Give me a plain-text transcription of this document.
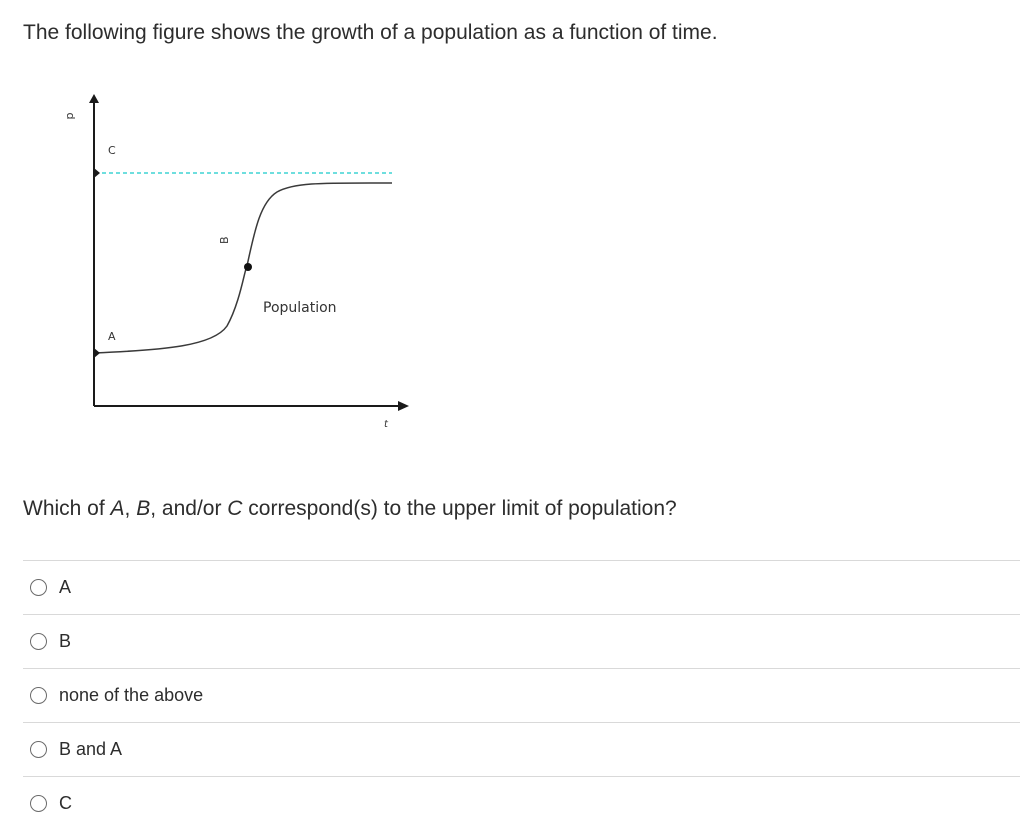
The following figure shows the growth of a population as a function of time.
p
t
C
B
A
Population
Which of A, B, and/or C correspond(s) to the upper limit of population?
A
B
none of the above
B and A
C
